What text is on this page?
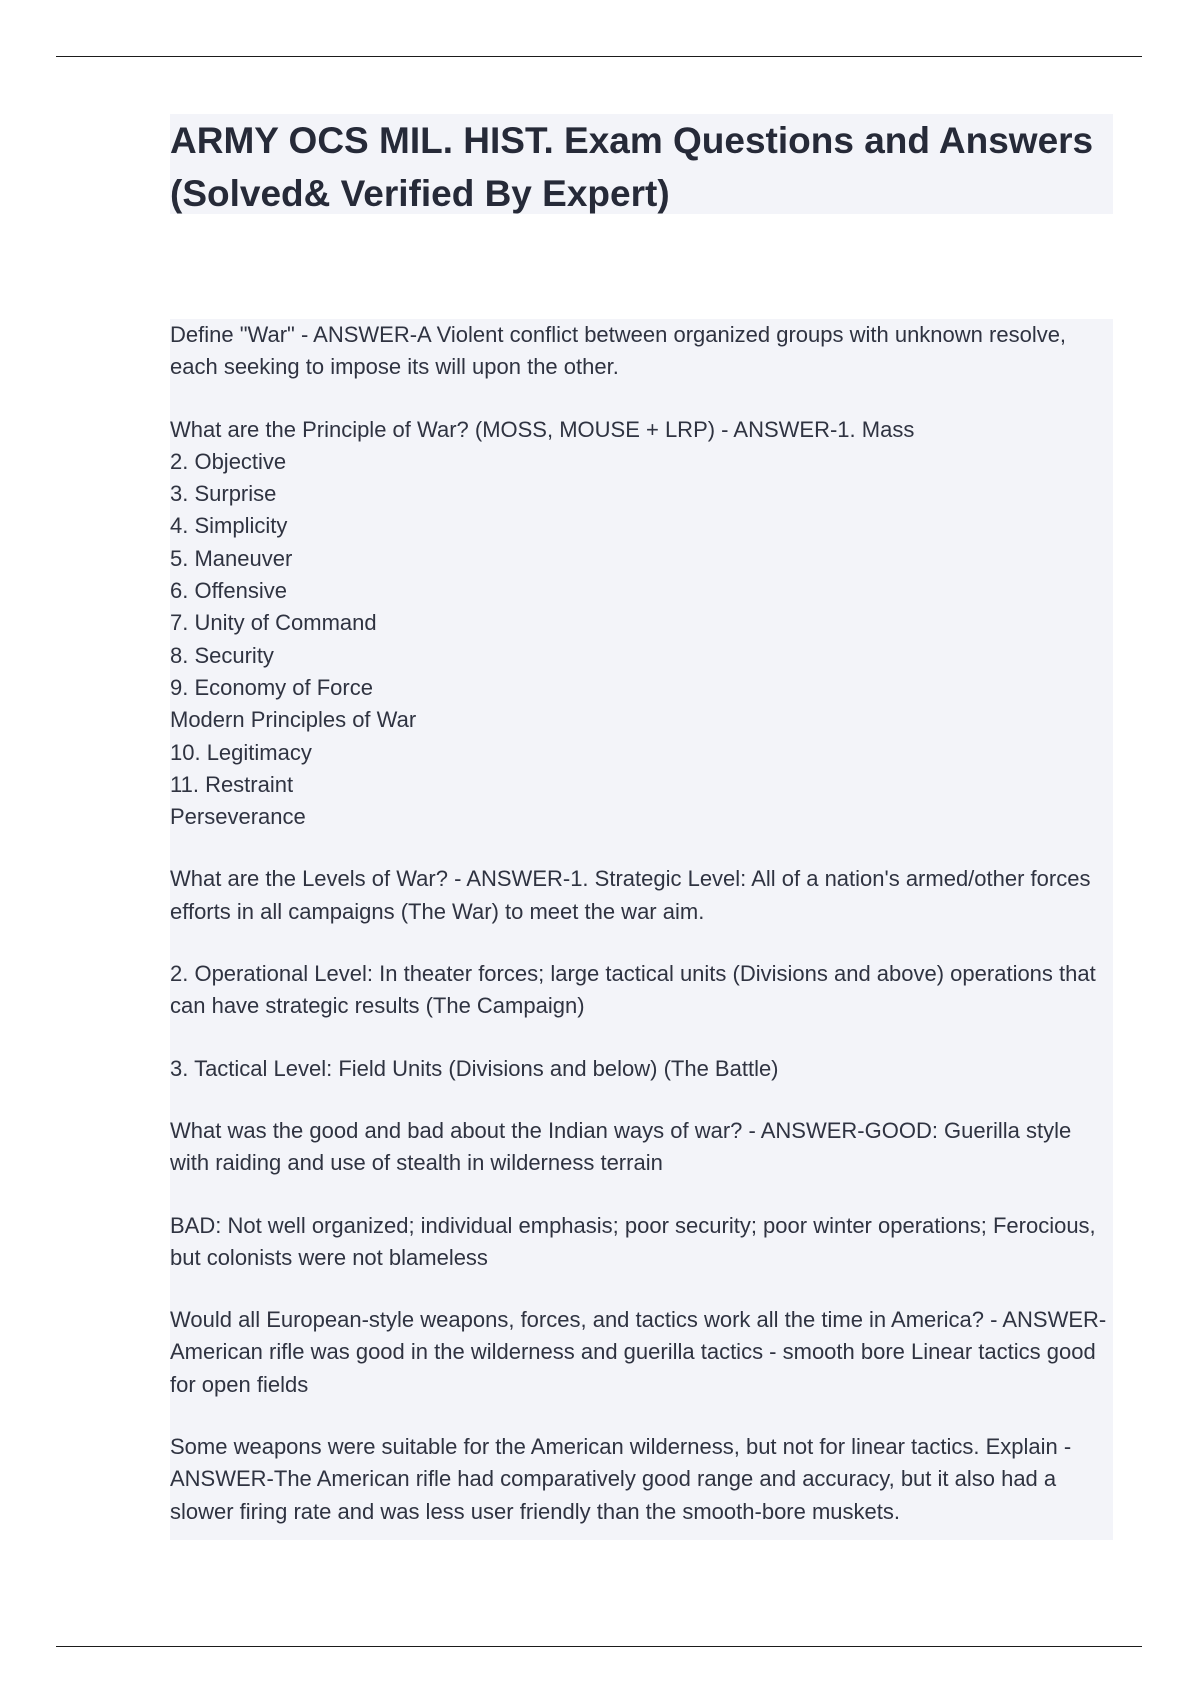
ARMY OCS MIL. HIST. Exam Questions and Answers (Solved& Verified By Expert)

Define "War" - ANSWER-A Violent conflict between organized groups with unknown resolve, each seeking to impose its will upon the other.

What are the Principle of War? (MOSS, MOUSE + LRP) - ANSWER-1. Mass
2. Objective
3. Surprise
4. Simplicity
5. Maneuver
6. Offensive
7. Unity of Command
8. Security
9. Economy of Force
Modern Principles of War
10. Legitimacy
11. Restraint
Perseverance

What are the Levels of War? - ANSWER-1. Strategic Level: All of a nation's armed/other forces efforts in all campaigns (The War) to meet the war aim.

2. Operational Level: In theater forces; large tactical units (Divisions and above) operations that can have strategic results (The Campaign)

3. Tactical Level: Field Units (Divisions and below) (The Battle)

What was the good and bad about the Indian ways of war? - ANSWER-GOOD: Guerilla style with raiding and use of stealth in wilderness terrain

BAD: Not well organized; individual emphasis; poor security; poor winter operations; Ferocious, but colonists were not blameless

Would all European-style weapons, forces, and tactics work all the time in America? - ANSWER-American rifle was good in the wilderness and guerilla tactics - smooth bore Linear tactics good for open fields

Some weapons were suitable for the American wilderness, but not for linear tactics. Explain - ANSWER-The American rifle had comparatively good range and accuracy, but it also had a slower firing rate and was less user friendly than the smooth-bore muskets.
